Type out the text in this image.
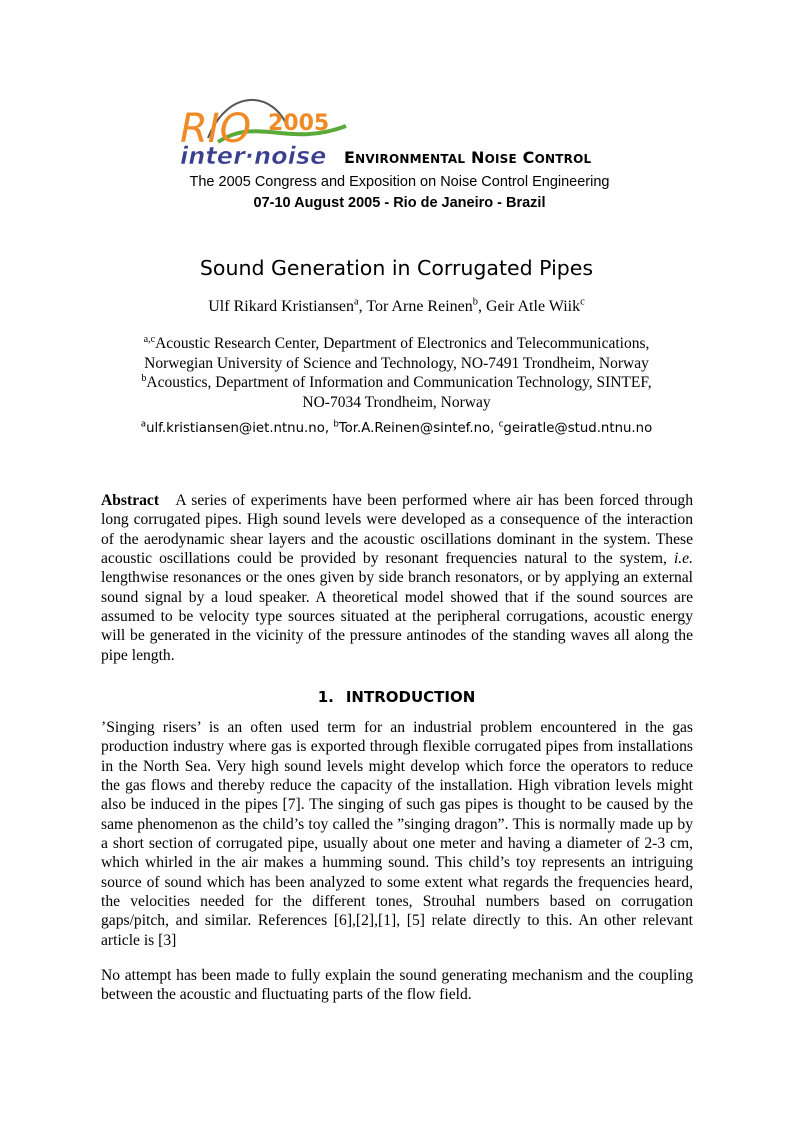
RIO 2005
inter·noise ENVIRONMENTAL NOISE CONTROL
The 2005 Congress and Exposition on Noise Control Engineering
07-10 August 2005 - Rio de Janeiro - Brazil
Sound Generation in Corrugated Pipes
Ulf Rikard Kristiansen$^a$, Tor Arne Reinen$^b$, Geir Atle Wiik$^c$
$^{a,c}$Acoustic Research Center, Department of Electronics and Telecommunications,
Norwegian University of Science and Technology, NO-7491 Trondheim, Norway
$^b$Acoustics, Department of Information and Communication Technology, SINTEF,
NO-7034 Trondheim, Norway
$^a$ulf.kristiansen@iet.ntnu.no, $^b$Tor.A.Reinen@sintef.no, $^c$geiratle@stud.ntnu.no
Abstract A series of experiments have been performed where air has been forced through long corrugated pipes. High sound levels were developed as a consequence of the interaction of the aerodynamic shear layers and the acoustic oscillations dominant in the system. These acoustic oscillations could be provided by resonant frequencies natural to the system, i.e. lengthwise resonances or the ones given by side branch resonators, or by applying an external sound signal by a loud speaker. A theoretical model showed that if the sound sources are assumed to be velocity type sources situated at the peripheral corrugations, acoustic energy will be generated in the vicinity of the pressure antinodes of the standing waves all along the pipe length.
1. INTRODUCTION
’Singing risers’ is an often used term for an industrial problem encountered in the gas production industry where gas is exported through flexible corrugated pipes from installations in the North Sea. Very high sound levels might develop which force the operators to reduce the gas flows and thereby reduce the capacity of the installation. High vibration levels might also be induced in the pipes [7]. The singing of such gas pipes is thought to be caused by the same phenomenon as the child’s toy called the ”singing dragon”. This is normally made up by a short section of corrugated pipe, usually about one meter and having a diameter of 2-3 cm, which whirled in the air makes a humming sound. This child’s toy represents an intriguing source of sound which has been analyzed to some extent what regards the frequencies heard, the velocities needed for the different tones, Strouhal numbers based on corrugation gaps/pitch, and similar. References [6],[2],[1], [5] relate directly to this. An other relevant article is [3]
No attempt has been made to fully explain the sound generating mechanism and the coupling between the acoustic and fluctuating parts of the flow field.
